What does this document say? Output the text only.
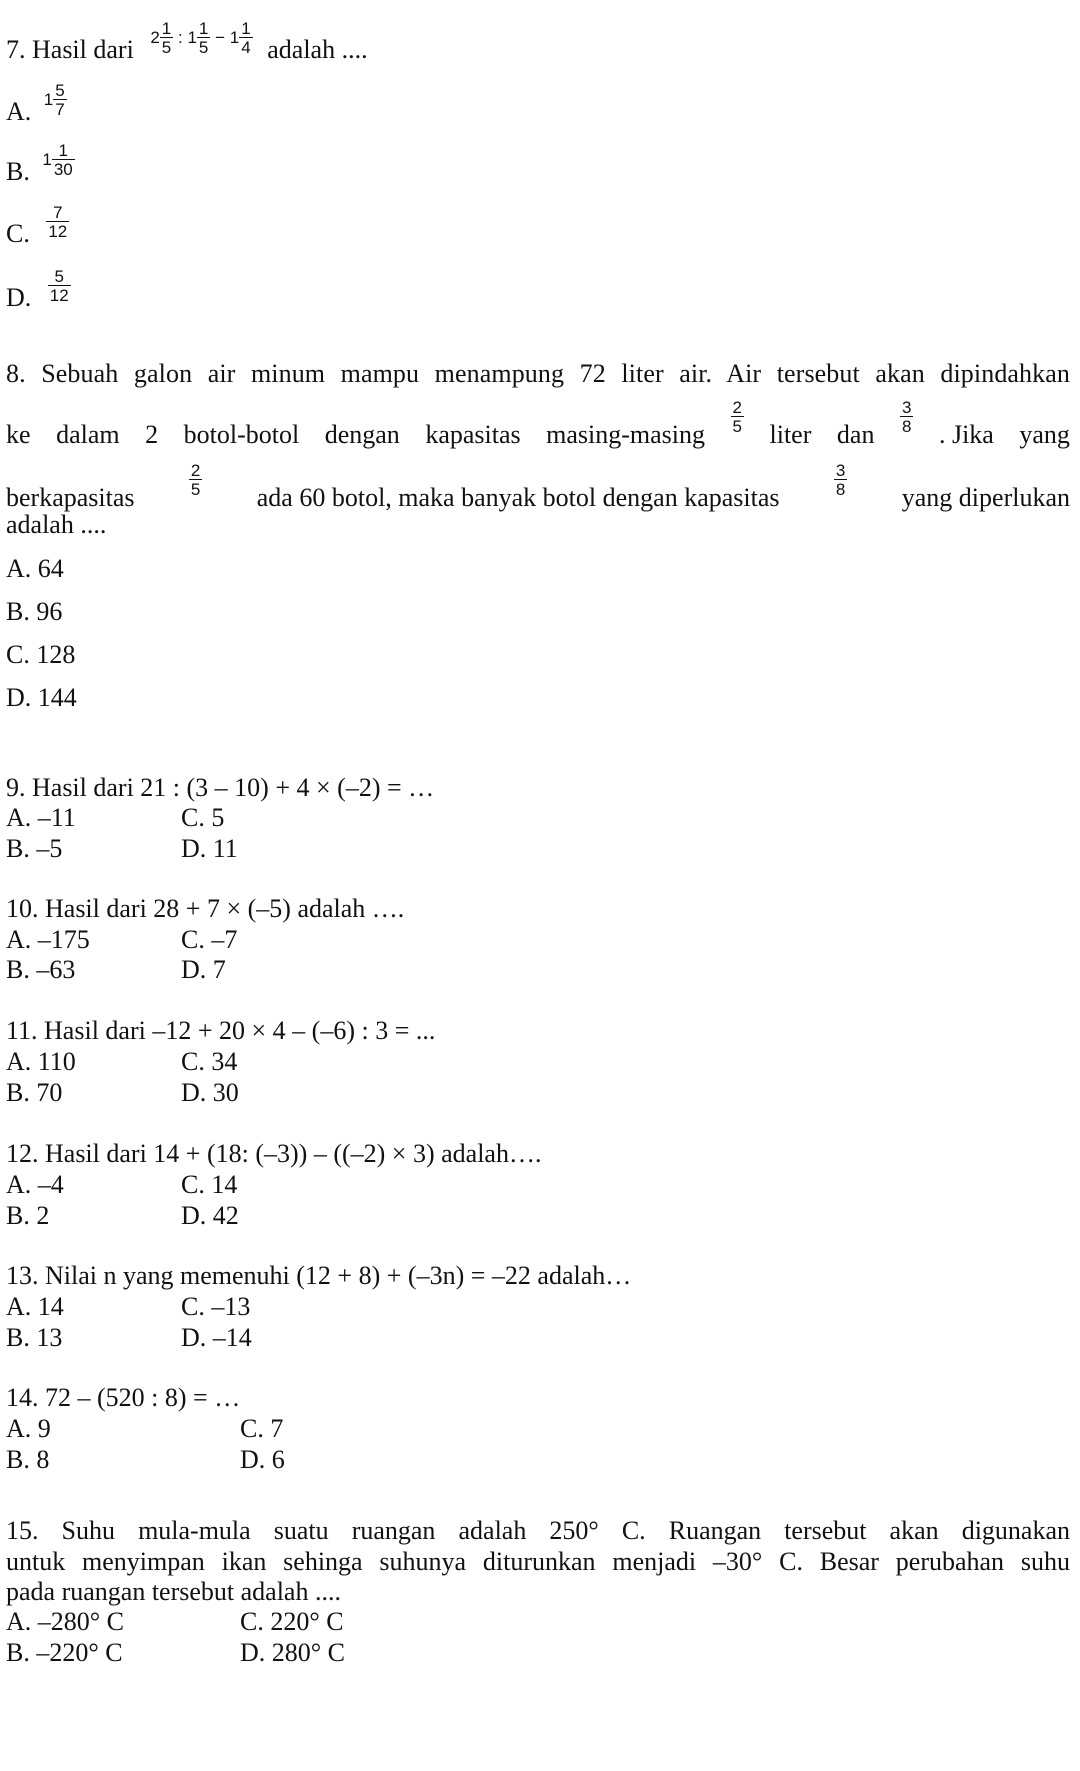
7. Hasil dari $2 \frac{1}{5}$ : $1 \frac{1}{5} - 1 \frac{1}{4}$ adalah ....
A. $1 \frac{5}{7}$
B. $1 \frac{1}{30}$
C. $\frac{7}{12}$
D. $\frac{5}{12}$
8. Sebuah galon air minum mampu menampung 72 liter air. Air tersebut akan dipindahkan
ke dalam 2 botol-botol dengan kapasitas $masing-masing \frac{2}{5}$ liter dan $\frac{3}{8}$ . Jika yang
berkapasitas	$\frac{2}{5}$ ada 60 botol, maka banyak botol dengan kapasitas	$\frac{3}{8}$ yang diperlukan
adalah ....
A. 64
B. 96
C. 128
D. 144
9. Hasil dari 21 : (3 – 10) + 4 × (–2) = …
A. –11	C. 5
B. –5	D. 11
10. Hasil dari 28 + 7 × (–5) adalah ….
A. –175	C. –7
B. –63	D. 7
11. Hasil dari –12 + 20 × 4 – (–6) : 3 = ...
A. 110	C. 34
B. 70	D. 30
12. Hasil dari 14 + (18: (–3)) – ((–2) × 3) adalah….
A. –4	C. 14
B. 2	D. 42
13. Nilai n yang memenuhi (12 + 8) + (–3n) = –22 adalah…
A. 14	C. –13
B. 13	D. –14
14. 72 – (520 : 8) = …
A. 9	C. 7
B. 8	D. 6
15. Suhu mula-mula suatu ruangan adalah 250° C. Ruangan tersebut akan digunakan
untuk menyimpan ikan sehinga suhunya diturunkan menjadi –30° C. Besar perubahan suhu
pada ruangan tersebut adalah ....
A. –280° C	C. 220° C
B. –220° C	D. 280° C
